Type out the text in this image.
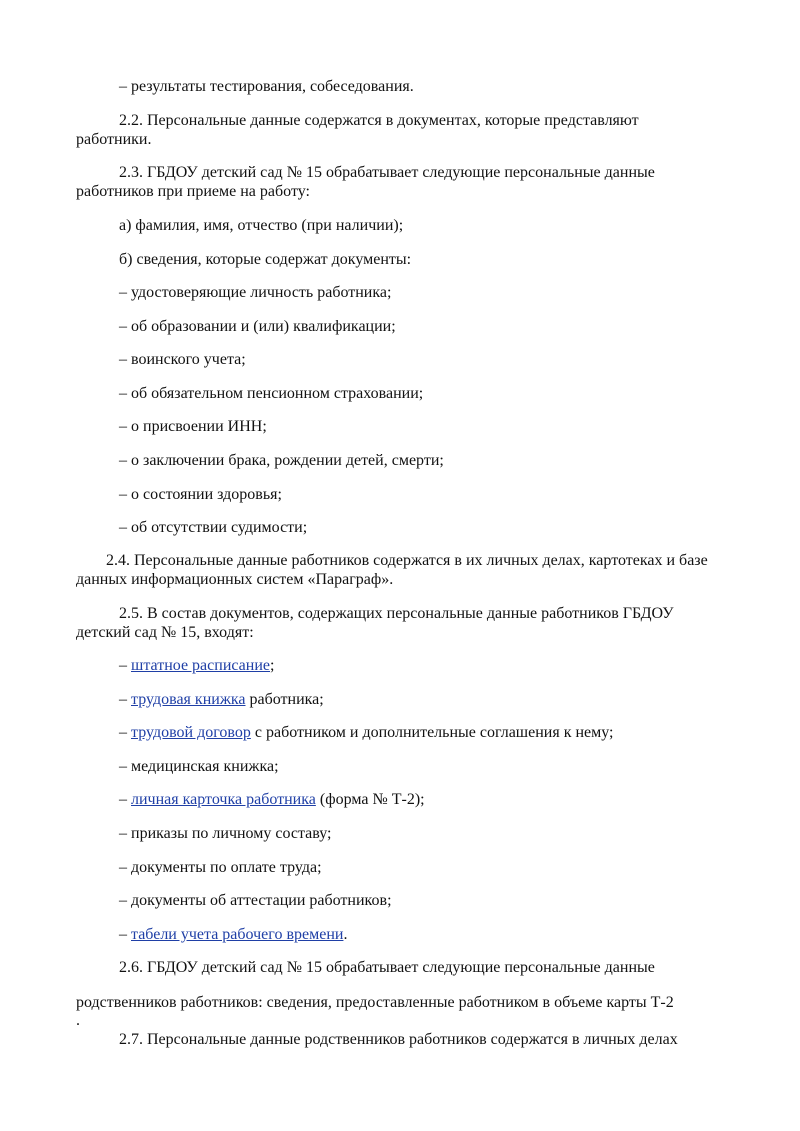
– результаты тестирования, собеседования.
2.2. Персональные данные содержатся в документах, которые представляют
работники.
2.3. ГБДОУ детский сад № 15 обрабатывает следующие персональные данные
работников при приеме на работу:
а) фамилия, имя, отчество (при наличии);
б) сведения, которые содержат документы:
– удостоверяющие личность работника;
– об образовании и (или) квалификации;
– воинского учета;
– об обязательном пенсионном страховании;
– о присвоении ИНН;
– о заключении брака, рождении детей, смерти;
– о состоянии здоровья;
– об отсутствии судимости;
2.4. Персональные данные работников содержатся в их личных делах, картотеках и базе
данных информационных систем «Параграф».
2.5. В состав документов, содержащих персональные данные работников ГБДОУ
детский сад № 15, входят:
– штатное расписание;
– трудовая книжка работника;
– трудовой договор с работником и дополнительные соглашения к нему;
– медицинская книжка;
– личная карточка работника (форма № Т-2);
– приказы по личному составу;
– документы по оплате труда;
– документы об аттестации работников;
– табели учета рабочего времени.
2.6. ГБДОУ детский сад № 15 обрабатывает следующие персональные данные
родственников работников: сведения, предоставленные работником в объеме карты Т-2
.
2.7. Персональные данные родственников работников содержатся в личных делах
